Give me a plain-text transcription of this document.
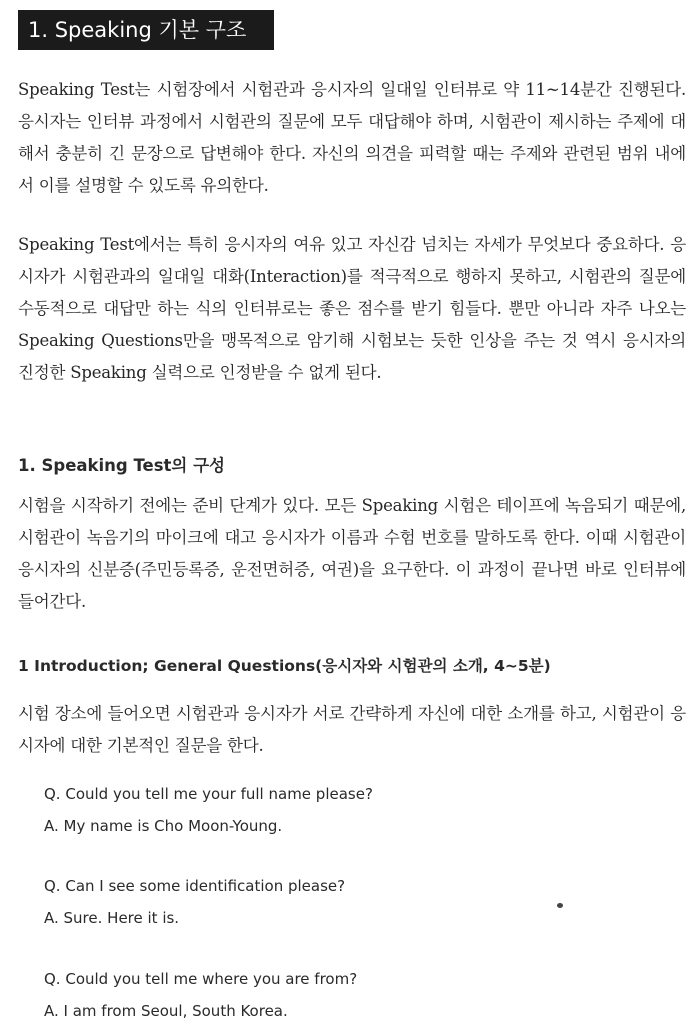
1. Speaking 기본 구조

Speaking Test는 시험장에서 시험관과 응시자의 일대일 인터뷰로 약 11~14분간 진행된다. 응시자는 인터뷰 과정에서 시험관의 질문에 모두 대답해야 하며, 시험관이 제시하는 주제에 대해서 충분히 긴 문장으로 답변해야 한다. 자신의 의견을 피력할 때는 주제와 관련된 범위 내에서 이를 설명할 수 있도록 유의한다.

Speaking Test에서는 특히 응시자의 여유 있고 자신감 넘치는 자세가 무엇보다 중요하다. 응시자가 시험관과의 일대일 대화(Interaction)를 적극적으로 행하지 못하고, 시험관의 질문에 수동적으로 대답만 하는 식의 인터뷰로는 좋은 점수를 받기 힘들다. 뿐만 아니라 자주 나오는 Speaking Questions만을 맹목적으로 암기해 시험보는 듯한 인상을 주는 것 역시 응시자의 진정한 Speaking 실력으로 인정받을 수 없게 된다.

1. Speaking Test의 구성

시험을 시작하기 전에는 준비 단계가 있다. 모든 Speaking 시험은 테이프에 녹음되기 때문에, 시험관이 녹음기의 마이크에 대고 응시자가 이름과 수험 번호를 말하도록 한다. 이때 시험관이 응시자의 신분증(주민등록증, 운전면허증, 여권)을 요구한다. 이 과정이 끝나면 바로 인터뷰에 들어간다.

1 Introduction; General Questions(응시자와 시험관의 소개, 4~5분)

시험 장소에 들어오면 시험관과 응시자가 서로 간략하게 자신에 대한 소개를 하고, 시험관이 응시자에 대한 기본적인 질문을 한다.

Q. Could you tell me your full name please?
A. My name is Cho Moon-Young.
Q. Can I see some identification please?
A. Sure. Here it is.
Q. Could you tell me where you are from?
A. I am from Seoul, South Korea.
